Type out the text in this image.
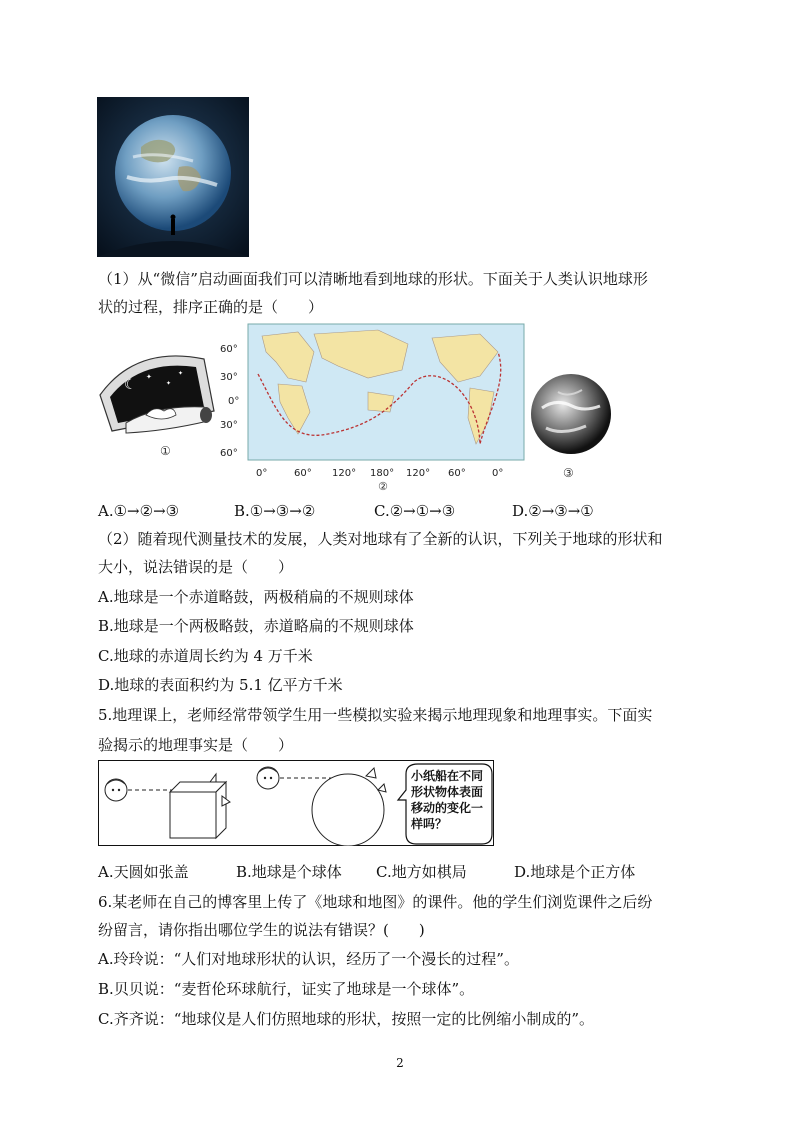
（1）从“微信”启动画面我们可以清晰地看到地球的形状。下面关于人类认识地球形
状的过程，排序正确的是（　　）
☾ ✦
✦
✦
①
60°
30°
0°
30°
60°
0°	60° 120° 180° 120° 60°	0°
②
③
A.①→②→③	B.①→③→②	C.②→①→③	D.②→③→①
（2）随着现代测量技术的发展，人类对地球有了全新的认识，下列关于地球的形状和
大小，说法错误的是（　　）
A.地球是一个赤道略鼓，两极稍扁的不规则球体
B.地球是一个两极略鼓，赤道略扁的不规则球体
C.地球的赤道周长约为 4 万千米
D.地球的表面积约为 5.1 亿平方千米
5.地理课上，老师经常带领学生用一些模拟实验来揭示地理现象和地理事实。下面实
验揭示的地理事实是（　　）
小纸船在不同
形状物体表面
移动的变化一
样吗？
A.天圆如张盖	B.地球是个球体 C.地方如棋局	D.地球是个正方体
6.某老师在自己的博客里上传了《地球和地图》的课件。他的学生们浏览课件之后纷
纷留言，请你指出哪位学生的说法有错误？(　　)
A.玲玲说：“人们对地球形状的认识，经历了一个漫长的过程”。
B.贝贝说：“麦哲伦环球航行，证实了地球是一个球体”。
C.齐齐说：“地球仪是人们仿照地球的形状，按照一定的比例缩小制成的”。
2
